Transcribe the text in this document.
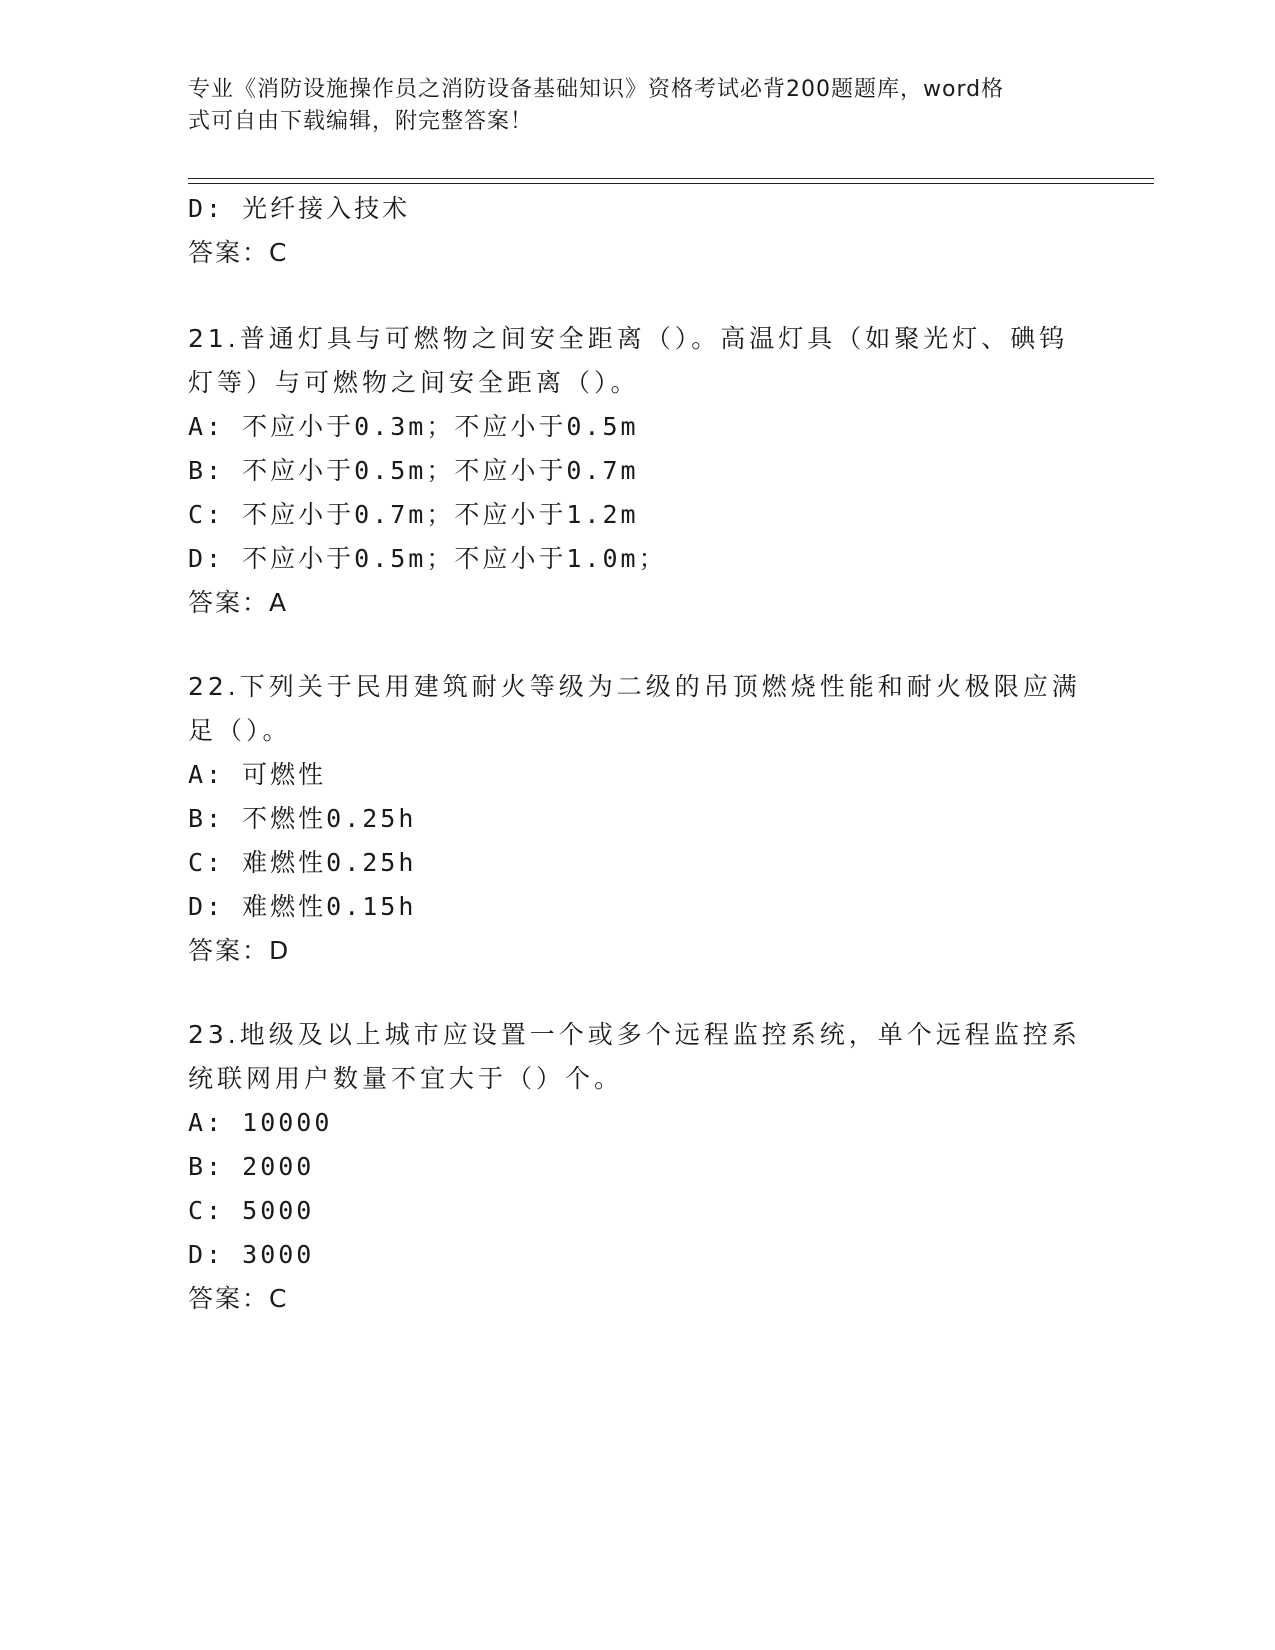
专业《消防设施操作员之消防设备基础知识》资格考试必背200题题库，word格
式可自由下载编辑，附完整答案！

D: 光纤接入技术
答案：C
21.普通灯具与可燃物之间安全距离（）。高温灯具（如聚光灯、碘钨
灯等）与可燃物之间安全距离（）。
A: 不应小于0.3m；不应小于0.5m
B: 不应小于0.5m；不应小于0.7m
C: 不应小于0.7m；不应小于1.2m
D: 不应小于0.5m；不应小于1.0m；
答案：A
22.下列关于民用建筑耐火等级为二级的吊顶燃烧性能和耐火极限应满
足（）。
A: 可燃性
B: 不燃性0.25h
C: 难燃性0.25h
D: 难燃性0.15h
答案：D
23.地级及以上城市应设置一个或多个远程监控系统，单个远程监控系
统联网用户数量不宜大于（）个。
A: 10000
B: 2000
C: 5000
D: 3000
答案：C
